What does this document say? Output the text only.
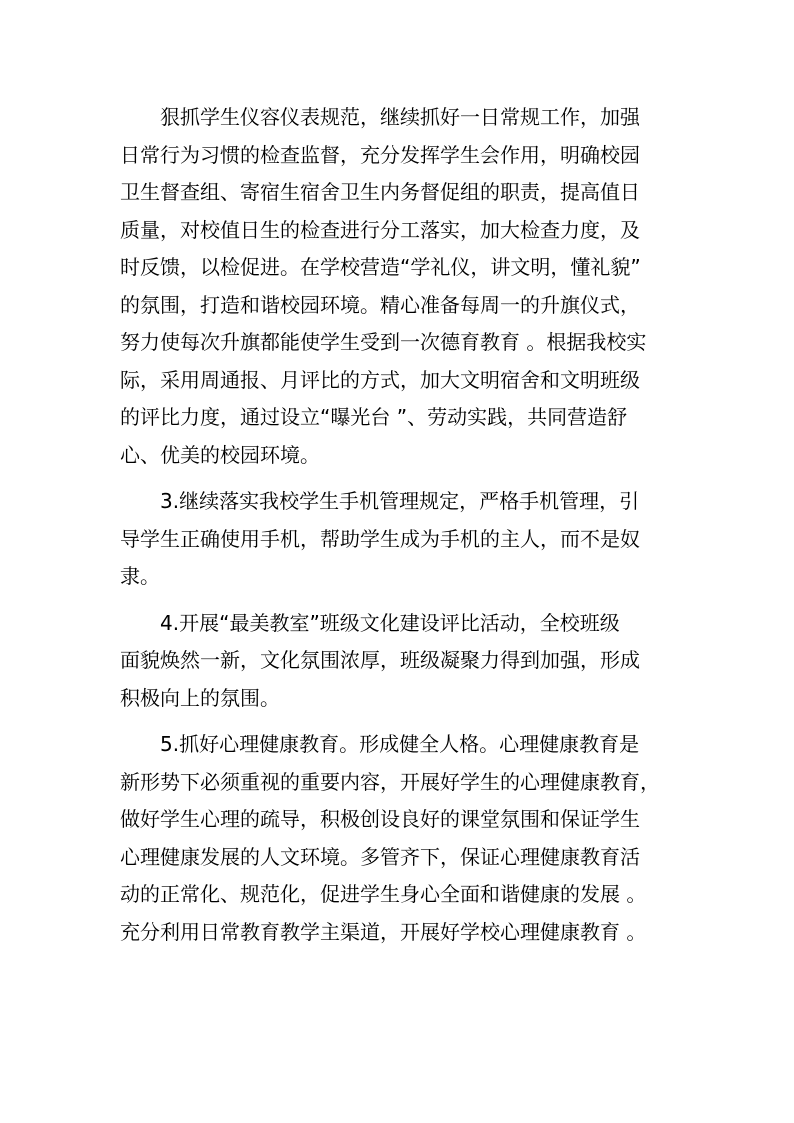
　　狠抓学生仪容仪表规范，继续抓好一日常规工作，加强
日常行为习惯的检查监督，充分发挥学生会作用，明确校园
卫生督查组、寄宿生宿舍卫生内务督促组的职责，提高值日
质量，对校值日生的检查进行分工落实，加大检查力度，及
时反馈，以检促进。在学校营造“学礼仪，讲文明，懂礼貌”
的氛围，打造和谐校园环境。精心准备每周一的升旗仪式，
努力使每次升旗都能使学生受到一次德育教育 。根据我校实
际，采用周通报、月评比的方式，加大文明宿舍和文明班级
的评比力度，通过设立“曝光台 ”、劳动实践，共同营造舒
心、优美的校园环境。
　　3.继续落实我校学生手机管理规定，严格手机管理，引
导学生正确使用手机，帮助学生成为手机的主人，而不是奴
隶。
　　4.开展“最美教室”班级文化建设评比活动，全校班级
面貌焕然一新，文化氛围浓厚，班级凝聚力得到加强，形成
积极向上的氛围。
　　5.抓好心理健康教育。形成健全人格。心理健康教育是
新形势下必须重视的重要内容，开展好学生的心理健康教育，
做好学生心理的疏导，积极创设良好的课堂氛围和保证学生
心理健康发展的人文环境。多管齐下，保证心理健康教育活
动的正常化、规范化，促进学生身心全面和谐健康的发展 。
充分利用日常教育教学主渠道，开展好学校心理健康教育 。
